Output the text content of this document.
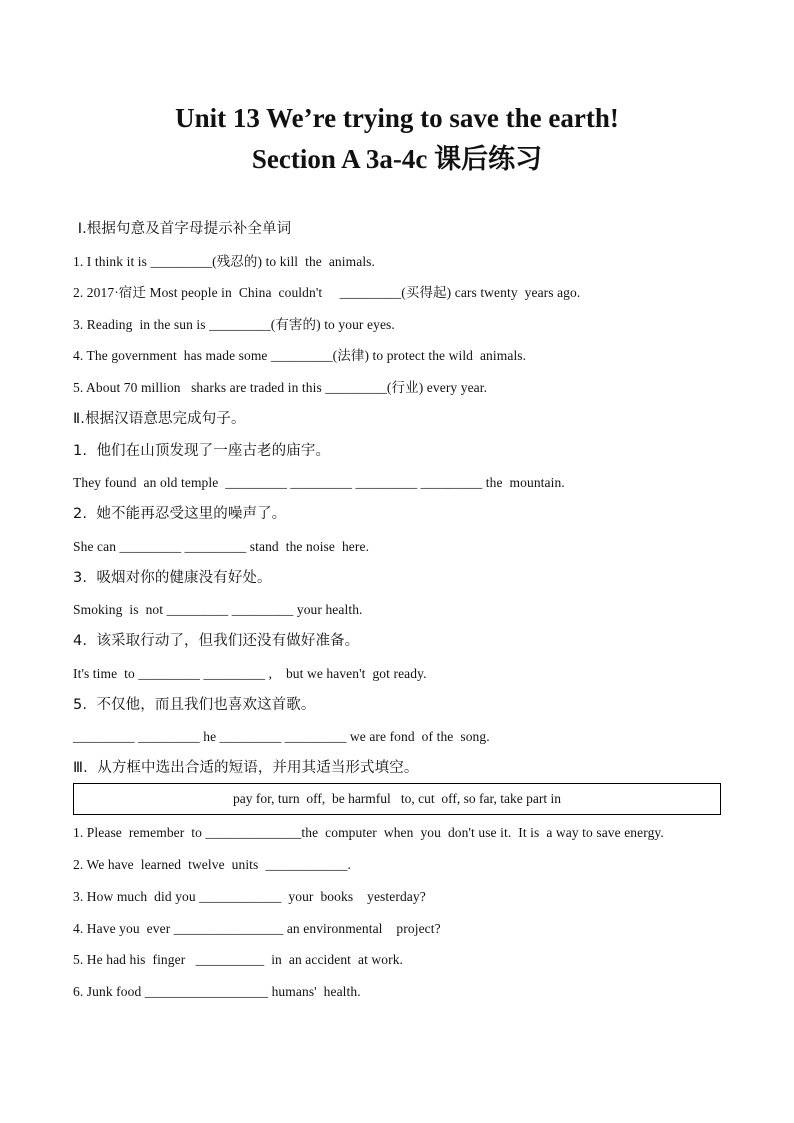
Unit 13 We’re trying to save the earth!
Section A 3a-4c 课后练习
Ⅰ.根据句意及首字母提示补全单词
1. I think it is _________(残忍的) to kill  the  animals.
2. 2017·宿迁 Most people in  China  couldn't     _________(买得起) cars twenty  years ago.
3. Reading  in the sun is _________(有害的) to your eyes.
4. The government  has made some _________(法律) to protect the wild  animals.
5. About 70 million   sharks are traded in this _________(行业) every year.
Ⅱ.根据汉语意思完成句子。
1.  他们在山顶发现了一座古老的庙宇。
They found  an old temple  _________ _________ _________ _________ the  mountain.
2.  她不能再忍受这里的噪声了。
She can _________ _________ stand  the noise  here.
3.  吸烟对你的健康没有好处。
Smoking  is  not _________ _________ your health.
4.  该采取行动了，但我们还没有做好准备。
It's time  to _________ _________ ,    but we haven't  got ready.
5.  不仅他，而且我们也喜欢这首歌。
_________ _________ he _________ _________ we are fond  of the  song.
Ⅲ.  从方框中选出合适的短语，并用其适当形式填空。
pay for, turn  off,  be harmful   to, cut  off, so far, take part in
1. Please  remember  to ______________the  computer  when  you  don't use it.  It is  a way to save energy.
2. We have  learned  twelve  units  ____________.
3. How much  did you ____________  your  books    yesterday?
4. Have you  ever ________________ an environmental    project?
5. He had his  finger   __________  in  an accident  at work.
6. Junk food __________________ humans'  health.
